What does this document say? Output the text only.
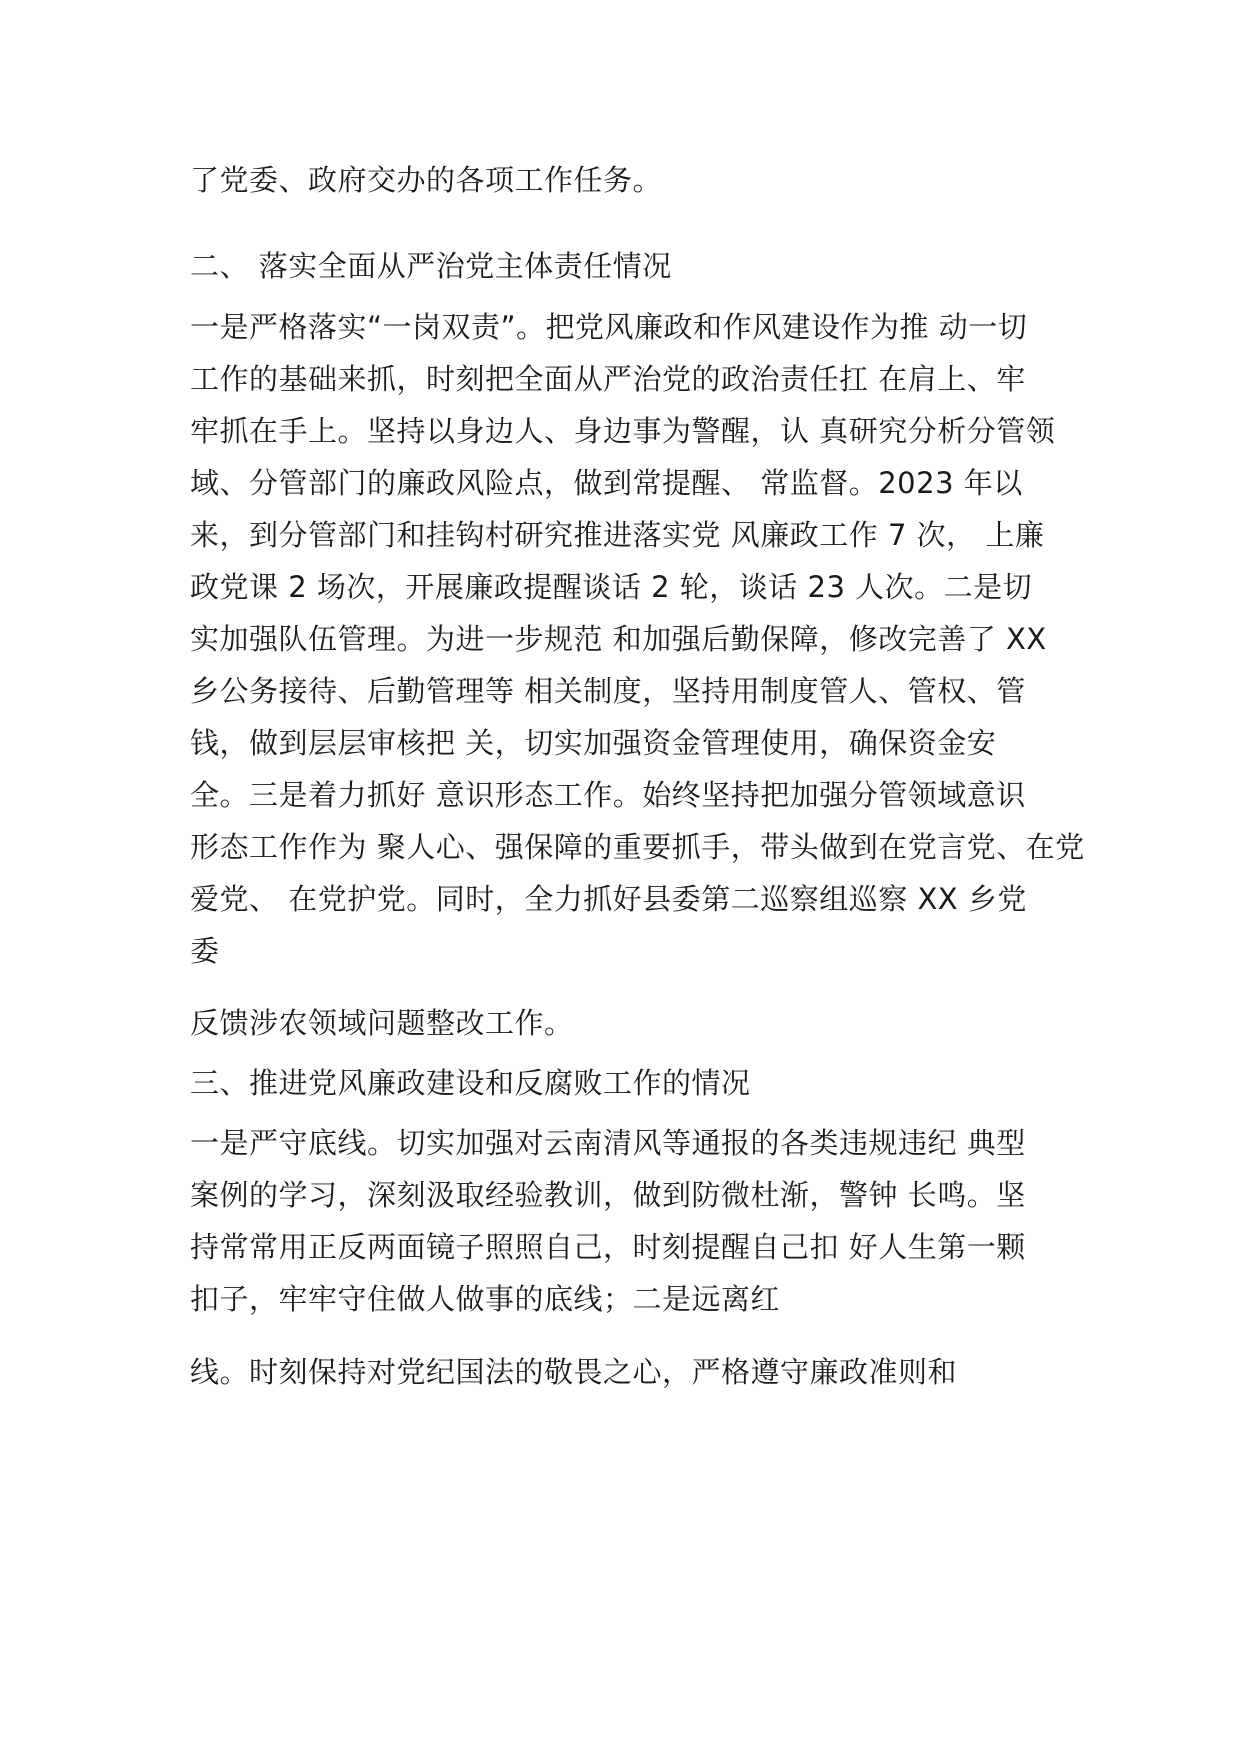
了党委、政府交办的各项工作任务。
二、 落实全面从严治党主体责任情况
一是严格落实“一岗双责”。把党风廉政和作风建设作为推 动一切
工作的基础来抓，时刻把全面从严治党的政治责任扛 在肩上、牢
牢抓在手上。坚持以身边人、身边事为警醒，认 真研究分析分管领
域、分管部门的廉政风险点，做到常提醒、 常监督。2023 年以
来，到分管部门和挂钩村研究推进落实党 风廉政工作 7 次， 上廉
政党课 2 场次，开展廉政提醒谈话 2 轮，谈话 23 人次。二是切
实加强队伍管理。为进一步规范 和加强后勤保障，修改完善了 XX
乡公务接待、后勤管理等 相关制度，坚持用制度管人、管权、管
钱，做到层层审核把 关，切实加强资金管理使用，确保资金安
全。三是着力抓好 意识形态工作。始终坚持把加强分管领域意识
形态工作作为 聚人心、强保障的重要抓手，带头做到在党言党、在党
爱党、 在党护党。同时，全力抓好县委第二巡察组巡察 XX 乡党
委
反馈涉农领域问题整改工作。
三、推进党风廉政建设和反腐败工作的情况
一是严守底线。切实加强对云南清风等通报的各类违规违纪 典型
案例的学习，深刻汲取经验教训，做到防微杜渐，警钟 长鸣。坚
持常常用正反两面镜子照照自己，时刻提醒自己扣 好人生第一颗
扣子，牢牢守住做人做事的底线；二是远离红
线。时刻保持对党纪国法的敬畏之心，严格遵守廉政准则和
